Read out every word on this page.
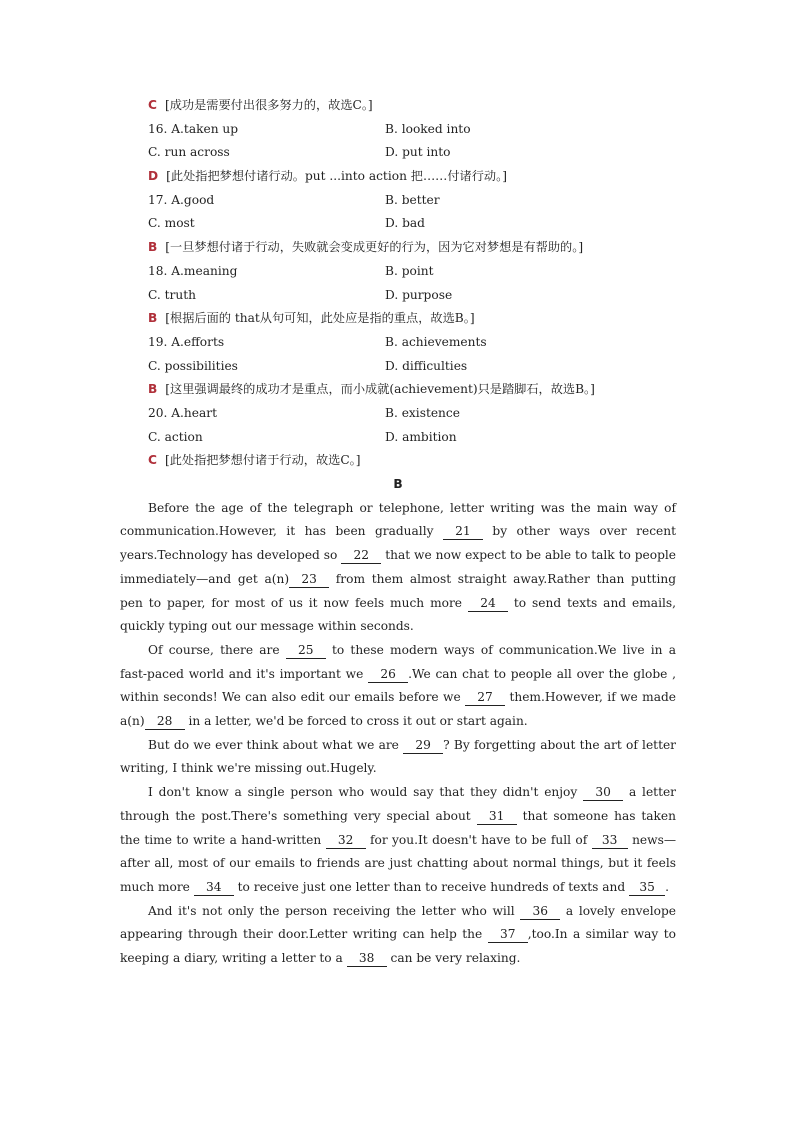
C [成功是需要付出很多努力的，故选C。]
16. A.taken up	B. looked into
C. run across	D. put into
D [此处指把梦想付诸行动。put ...into action 把……付诸行动。]
17. A.good	B. better
C. most	D. bad
B [一旦梦想付诸于行动，失败就会变成更好的行为，因为它对梦想是有帮助的。]
18. A.meaning	B. point
C. truth	D. purpose
B [根据后面的 that从句可知，此处应是指的重点，故选B。]
19. A.efforts	B. achievements
C. possibilities	D. difficulties
B [这里强调最终的成功才是重点，而小成就(achievement)只是踏脚石，故选B。]
20. A.heart	B. existence
C. action	D. ambition
C [此处指把梦想付诸于行动，故选C。]
B

Before the age of the telegraph or telephone, letter writing was the main way of communication.However, it has been gradually 21 by other ways over recent years.Technology has developed so 22 that we now expect to be able to talk to people immediately—and get a(n) 23 from them almost straight away.Rather than putting pen to paper, for most of us it now feels much more 24 to send texts and emails, quickly typing out our message within seconds.

Of course, there are 25 to these modern ways of communication.We live in a fast-paced world and it's important we 26 .We can chat to people all over the globe , within seconds! We can also edit our emails before we 27 them.However, if we made a(n) 28 in a letter, we'd be forced to cross it out or start again.

But do we ever think about what we are 29 ? By forgetting about the art of letter writing, I think we're missing out.Hugely.

I don't know a single person who would say that they didn't enjoy 30 a letter through the post.There's something very special about 31 that someone has taken the time to write a hand-written 32 for you.It doesn't have to be full of 33 news—after all, most of our emails to friends are just chatting about normal things, but it feels much more 34 to receive just one letter than to receive hundreds of texts and 35 .

And it's not only the person receiving the letter who will 36 a lovely envelope appearing through their door.Letter writing can help the 37 ,too.In a similar way to keeping a diary, writing a letter to a 38 can be very relaxing.
